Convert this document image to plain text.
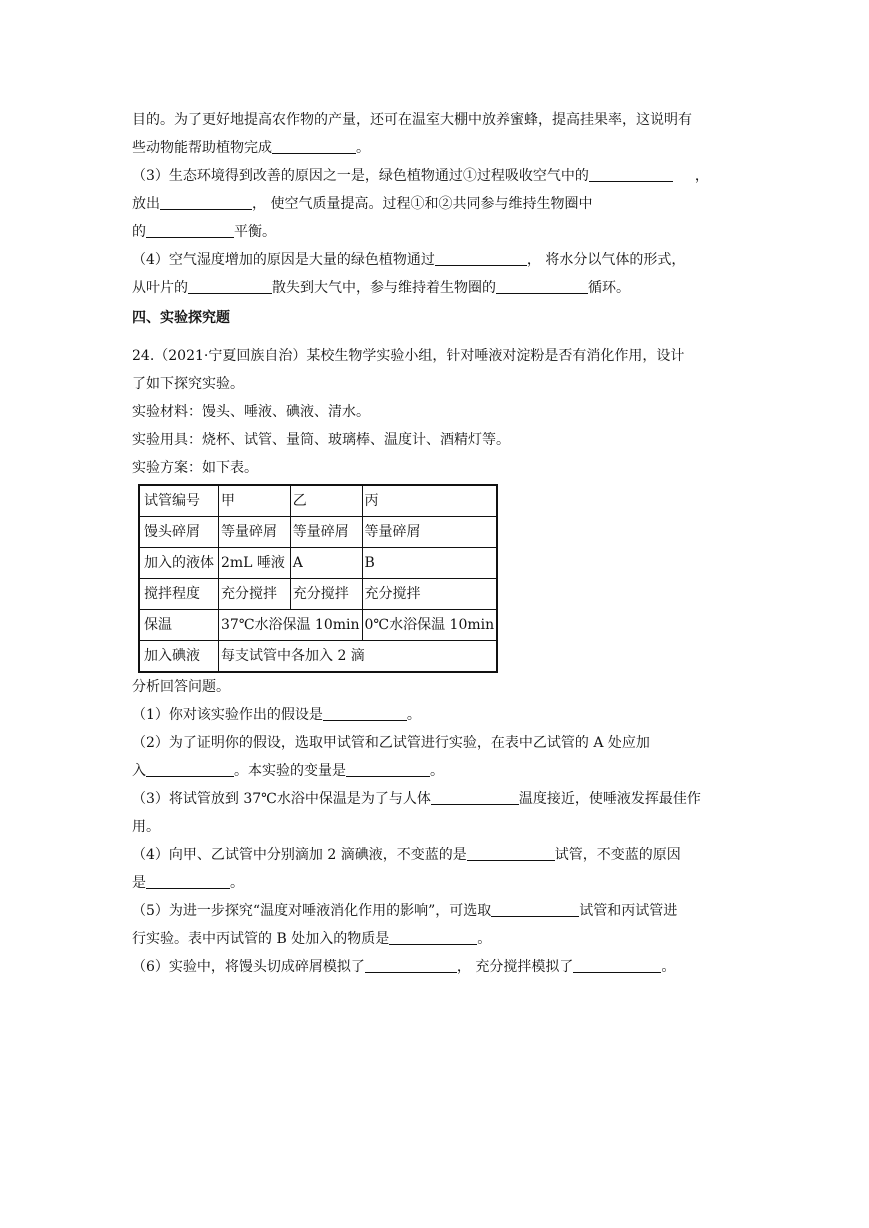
目的。为了更好地提高农作物的产量，还可在温室大棚中放养蜜蜂，提高挂果率，这说明有
些动物能帮助植物完成	。
（3）生态环境得到改善的原因之一是，绿色植物通过①过程吸收空气中的	，
放出	， 使空气质量提高。过程①和②共同参与维持生物圈中
的	平衡。
（4）空气湿度增加的原因是大量的绿色植物通过	， 将水分以气体的形式，
从叶片的	散失到大气中，参与维持着生物圈的	循环。
四、实验探究题
24.（2021·宁夏回族自治）某校生物学实验小组，针对唾液对淀粉是否有消化作用，设计
了如下探究实验。
实验材料：馒头、唾液、碘液、清水。
实验用具：烧杯、试管、量筒、玻璃棒、温度计、酒精灯等。
实验方案：如下表。
试管编号	甲	乙	丙
馒头碎屑	等量碎屑	等量碎屑	等量碎屑
加入的液体	2mL 唾液	A	B
搅拌程度	充分搅拌	充分搅拌	充分搅拌
保温	37℃水浴保温 10min		0℃水浴保温 10min
加入碘液	每支试管中各加入 2 滴		
分析回答问题。
（1）你对该实验作出的假设是	。
（2）为了证明你的假设，选取甲试管和乙试管进行实验，在表中乙试管的 A 处应加
入	。本实验的变量是	。
（3）将试管放到 37℃水浴中保温是为了与人体	温度接近，使唾液发挥最佳作
用。
（4）向甲、乙试管中分别滴加 2 滴碘液，不变蓝的是	试管，不变蓝的原因
是	。
（5）为进一步探究“温度对唾液消化作用的影响”，可选取	试管和丙试管进
行实验。表中丙试管的 B 处加入的物质是	。
（6）实验中，将馒头切成碎屑模拟了	， 充分搅拌模拟了	。
